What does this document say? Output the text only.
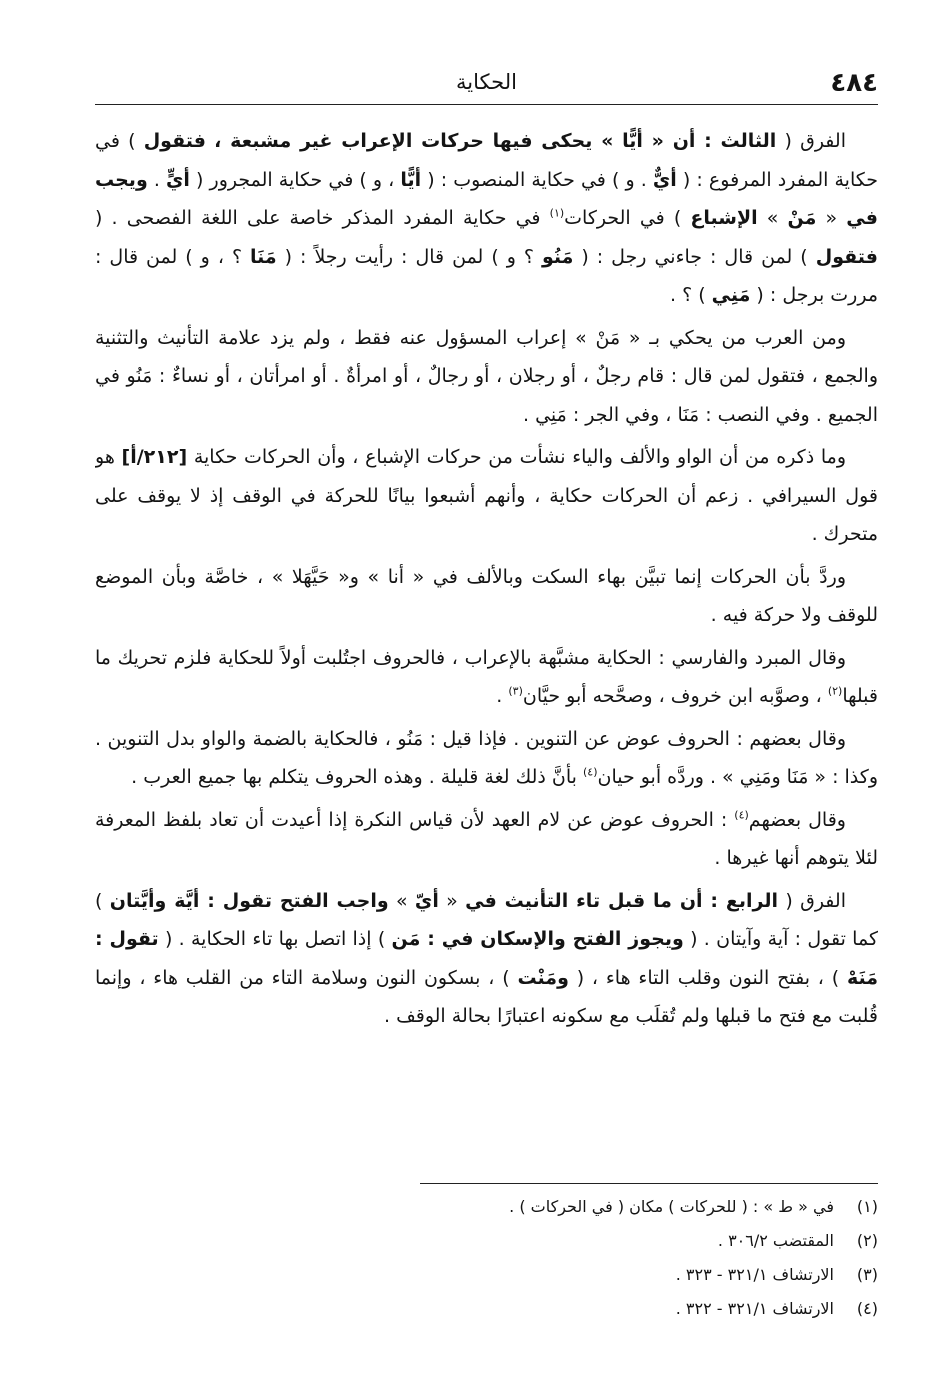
٤٨٤
الحكاية

الفرق ( الثالث : أن « أيًّا » يحكى فيها حركات الإعراب غير مشبعة ، فتقول ) في حكاية المفرد المرفوع : ( أيٌّ . و ) في حكاية المنصوب : ( أيًّا ، و ) في حكاية المجرور ( أيٍّ . ويجب في « مَنْ » الإشباع ) في الحركات$^{(١)}$ في حكاية المفرد المذكر خاصة على اللغة الفصحى . ( فتقول ) لمن قال : جاءني رجل : ( مَنُو ؟ و ) لمن قال : رأيت رجلاً : ( مَنَا ؟ ، و ) لمن قال : مررت برجل : ( مَنِي ) ؟ .

ومن العرب من يحكي بـ « مَنْ » إعراب المسؤول عنه فقط ، ولم يزد علامة التأنيث والتثنية والجمع ، فتقول لمن قال : قام رجلٌ ، أو رجلان ، أو رجالٌ ، أو امرأةٌ . أو امرأتان ، أو نساءٌ : مَنُو في الجميع . وفي النصب : مَنَا ، وفي الجر : مَنِي .

وما ذكره من أن الواو والألف والياء نشأت من حركات الإشباع ، وأن الحركات حكاية [٢١٢/أ] هو قول السيرافي . زعم أن الحركات حكاية ، وأنهم أشبعوا بيانًا للحركة في الوقف إذ لا يوقف على متحرك .

وردَّ بأن الحركات إنما تبيَّن بهاء السكت وبالألف في « أنا » و« حَيَّهَلا » ، خاصَّة وبأن الموضع للوقف ولا حركة فيه .

وقال المبرد والفارسي : الحكاية مشبَّهة بالإعراب ، فالحروف اجتُلبت أولاً للحكاية فلزم تحريك ما قبلها$^{(٢)}$ ، وصوَّبه ابن خروف ، وصحَّحه أبو حيَّان$^{(٣)}$ .

وقال بعضهم : الحروف عوض عن التنوين . فإذا قيل : مَنُو ، فالحكاية بالضمة والواو بدل التنوين . وكذا : « مَنَا ومَنِي » . وردَّه أبو حيان$^{(٤)}$ بأنَّ ذلك لغة قليلة . وهذه الحروف يتكلم بها جميع العرب .

وقال بعضهم$^{(٤)}$ : الحروف عوض عن لام العهد لأن قياس النكرة إذا أعيدت أن تعاد بلفظ المعرفة لئلا يتوهم أنها غيرها .

الفرق ( الرابع : أن ما قبل تاء التأنيث في « أيّ » واجب الفتح تقول : أيَّة وأيَّتان ) كما تقول : آية وآيتان . ( ويجوز الفتح والإسكان في : مَن ) إذا اتصل بها تاء الحكاية . ( تقول : مَنَهْ ) ، بفتح النون وقلب التاء هاء ، ( ومَنْت ) ، بسكون النون وسلامة التاء من القلب هاء ، وإنما قُلبت مع فتح ما قبلها ولم تُقلَب مع سكونه اعتبارًا بحالة الوقف .

(١)في « ط » : ( للحركات ) مكان ( في الحركات ) .
(٢)المقتضب ٣٠٦/٢ .
(٣)الارتشاف ٣٢١/١ - ٣٢٣ .
(٤)الارتشاف ٣٢١/١ - ٣٢٢ .
